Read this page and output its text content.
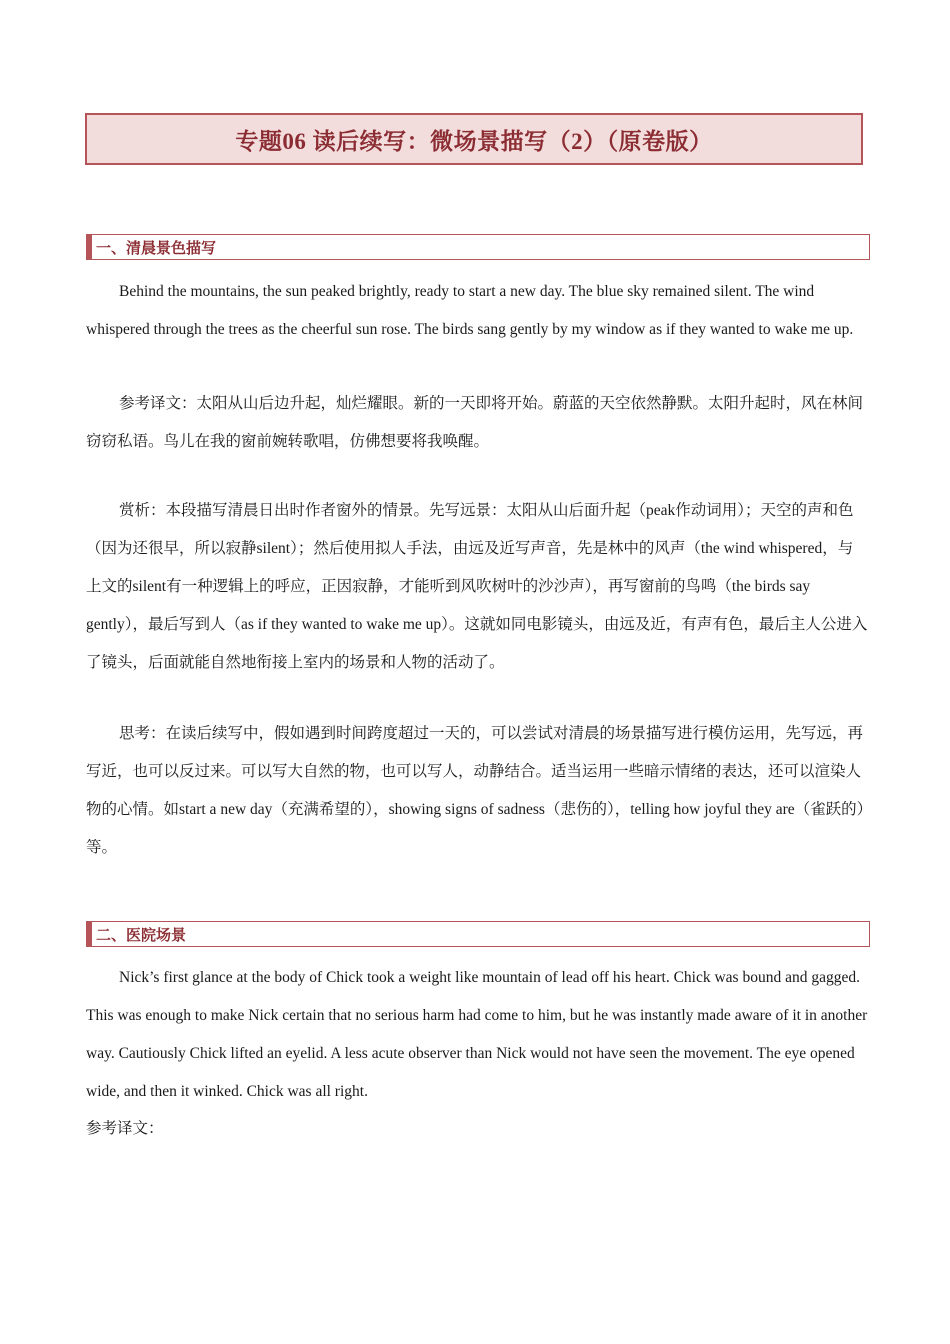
专题06 读后续写：微场景描写（2）（原卷版）
一、清晨景色描写

Behind the mountains, the sun peaked brightly, ready to start a new day. The blue sky remained silent. The wind whispered through the trees as the cheerful sun rose. The birds sang gently by my window as if they wanted to wake me up.

参考译文：太阳从山后边升起，灿烂耀眼。新的一天即将开始。蔚蓝的天空依然静默。太阳升起时，风在林间窃窃私语。鸟儿在我的窗前婉转歌唱，仿佛想要将我唤醒。

赏析：本段描写清晨日出时作者窗外的情景。先写远景：太阳从山后面升起（peak作动词用）；天空的声和色（因为还很早，所以寂静silent）；然后使用拟人手法，由远及近写声音，先是林中的风声（the wind whispered，与上文的silent有一种逻辑上的呼应，正因寂静，才能听到风吹树叶的沙沙声），再写窗前的鸟鸣（the birds say gently），最后写到人（as if they wanted to wake me up）。这就如同电影镜头，由远及近，有声有色，最后主人公进入了镜头，后面就能自然地衔接上室内的场景和人物的活动了。

思考：在读后续写中，假如遇到时间跨度超过一天的，可以尝试对清晨的场景描写进行模仿运用，先写远，再写近，也可以反过来。可以写大自然的物，也可以写人，动静结合。适当运用一些暗示情绪的表达，还可以渲染人物的心情。如start a new day（充满希望的），showing signs of sadness（悲伤的），telling how joyful they are（雀跃的）等。

二、医院场景

Nick’s first glance at the body of Chick took a weight like mountain of lead off his heart. Chick was bound and gagged. This was enough to make Nick certain that no serious harm had come to him, but he was instantly made aware of it in another way. Cautiously Chick lifted an eyelid. A less acute observer than Nick would not have seen the movement. The eye opened wide, and then it winked. Chick was all right.

参考译文：
